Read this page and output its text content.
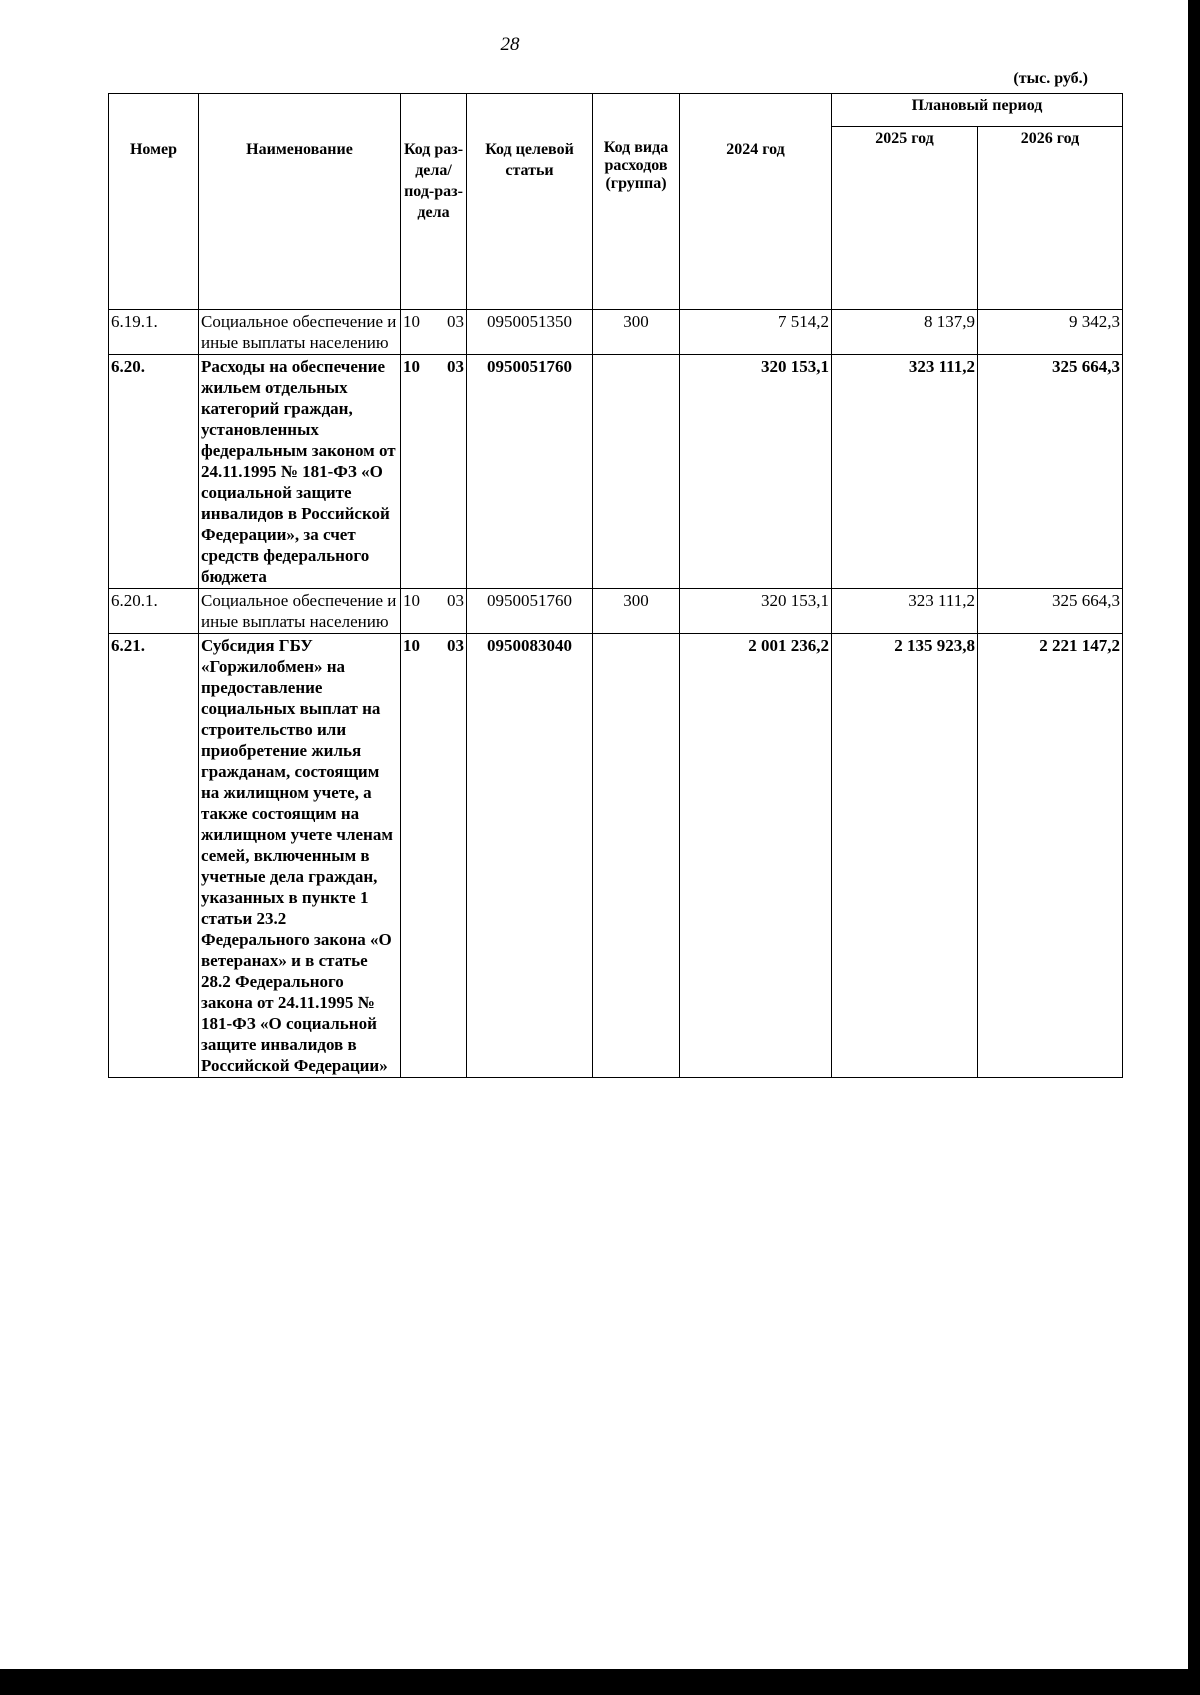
28
(тыс. руб.)
Номер	Наименование	Код раз-дела/ под-раз-дела	Код целевой статьи	Код вида расходов (группа)	2024 год	Плановый период	
						2025 год	2026 год
6.19.1.	Социальное обеспечение и иные выплаты населению	10 03	0950051350	300	7 514,2	8 137,9	9 342,3
6.20.	Расходы на обеспечение жильем отдельных категорий граждан, установленных федеральным законом от 24.11.1995 № 181-ФЗ «О социальной защите инвалидов в Российской Федерации», за счет средств федерального бюджета	10 03	0950051760		320 153,1	323 111,2	325 664,3
6.20.1.	Социальное обеспечение и иные выплаты населению	10 03	0950051760	300	320 153,1	323 111,2	325 664,3
6.21.	Субсидия ГБУ «Горжилобмен» на предоставление социальных выплат на строительство или приобретение жилья гражданам, состоящим на жилищном учете, а также состоящим на жилищном учете членам семей, включенным в учетные дела граждан, указанных в пункте 1 статьи 23.2 Федерального закона «О ветеранах» и в статье 28.2 Федерального закона от 24.11.1995 № 181-ФЗ «О социальной защите инвалидов в Российской Федерации»	10 03	0950083040		2 001 236,2	2 135 923,8	2 221 147,2
